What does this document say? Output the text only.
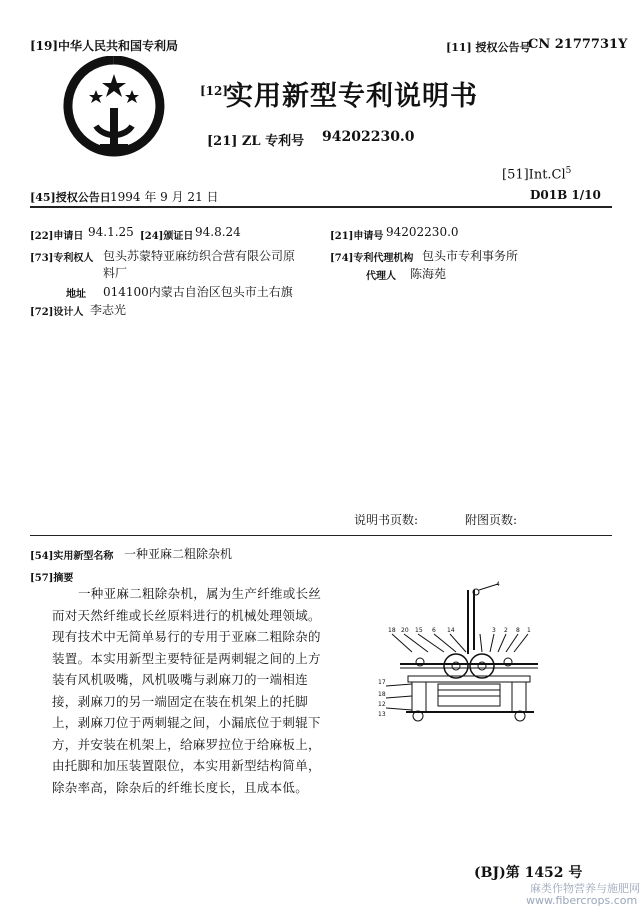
[19]中华人民共和国专利局	[11] 授权公告号
CN 2177731Y
[12]
实用新型专利说明书
[21] ZL 专利号 94202230.0
[51]Int.Cl$^5$
[45]授权公告日 1994 年 9 月 21 日	D01B 1/10
[22]申请日 94.1.25 [24]颁证日 94.8.24
[73]专利权人 包头苏蒙特亚麻纺织合营有限公司原
料厂
地址 014100内蒙古自治区包头市土右旗
[72]设计人 李志光
[21]申请号 94202230.0
[74]专利代理机构 包头市专利事务所
代理人 陈海苑
说明书页数:	附图页数:
[54]实用新型名称 一种亚麻二粗除杂机
[57]摘要

一种亚麻二粗除杂机，属为生产纤维或长丝而对天然纤维或长丝原料进行的机械处理领域。现有技术中无简单易行的专用于亚麻二粗除杂的装置。本实用新型主要特征是两刺辊之间的上方装有风机吸嘴，风机吸嘴与剥麻刀的一端相连接，剥麻刀的另一端固定在装在机架上的托脚上，剥麻刀位于两刺辊之间，小漏底位于刺辊下方，并安装在机架上，给麻罗拉位于给麻板上，由托脚和加压装置限位，本实用新型结构简单，除杂率高，除杂后的纤维长度长，且成本低。

4
18 20 15 6 14	3 2 8 1
17
18
12
13
(BJ)第 1452 号
麻类作物营养与施肥网
www.fibercrops.com
